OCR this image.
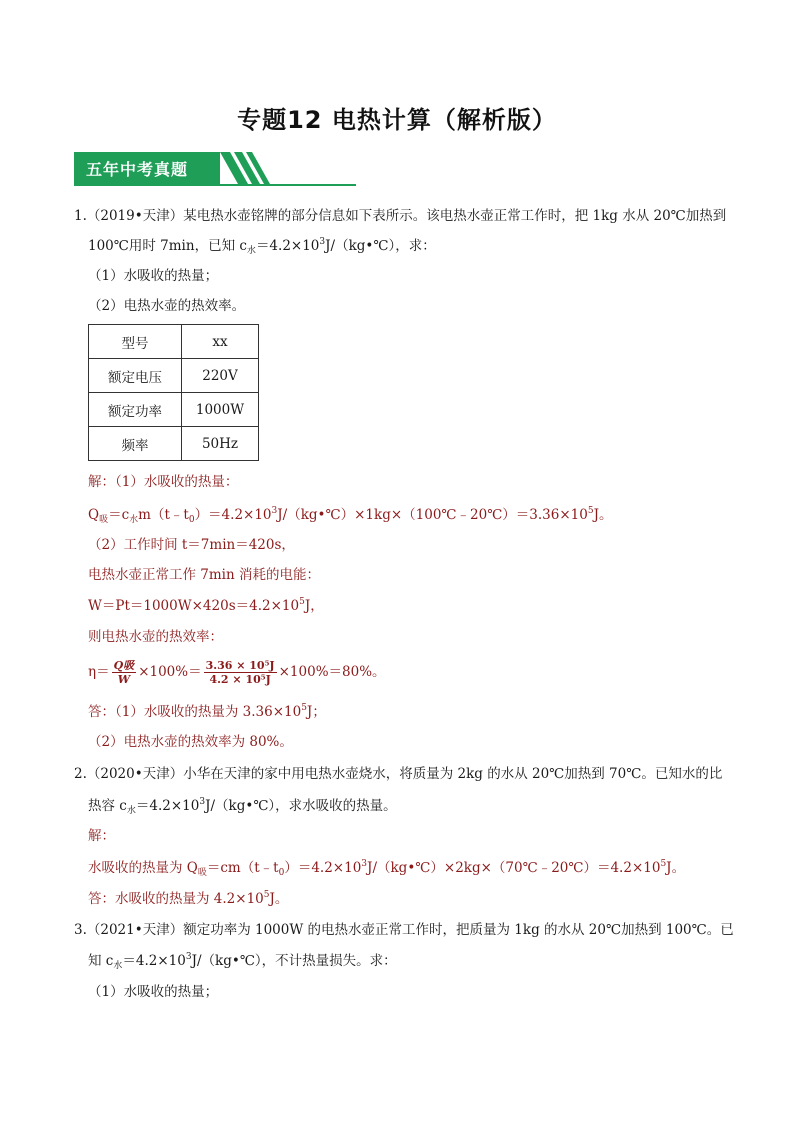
专题12 电热计算（解析版）
五年中考真题
1.（2019•天津）某电热水壶铭牌的部分信息如下表所示。该电热水壶正常工作时，把 1kg 水从 20℃加热到
100℃用时 7min，已知 $c_水=4.2\times 10^3J/(kg•℃)$，求：
（1）水吸收的热量；
（2）电热水壶的热效率。
型号	xx
额定电压	220V
额定功率	1000W
频率	50Hz
解：（1）水吸收的热量：
$Q_吸=c_水m(t﹣t_0)=4.2\times 10^3J/(kg•℃)\times 1kg\times(100℃﹣20℃)=3.36\times 10^5J$。
（2）工作时间 t＝7min＝420s，
电热水壶正常工作 7min 消耗的电能：
$W=Pt=1000W\times 420s=4.2\times 10^5J$，
则电热水壶的热效率：
$\eta= \frac{\text{Q吸}}{W} \times 100\%= \frac{\text{3.36 × 10⁵J}}{\text{4.2 × 10⁵J}} \times 100\%=80\%$。
答：（1）水吸收的热量为 $3.36\times 10^5J$；
（2）电热水壶的热效率为 80%。
2.（2020•天津）小华在天津的家中用电热水壶烧水，将质量为 2kg 的水从 20℃加热到 70℃。已知水的比
热容 $c_水=4.2\times 10^3J/(kg•℃)$，求水吸收的热量。
解：
水吸收的热量为 $Q_吸=cm(t﹣t_0)=4.2\times 10^3J/(kg•℃)\times 2kg\times(70℃﹣20℃)=4.2\times 10^5J$。
答：水吸收的热量为 $4.2\times 10^5J$。
3.（2021•天津）额定功率为 1000W 的电热水壶正常工作时，把质量为 1kg 的水从 20℃加热到 100℃。已
知 $c_水=4.2\times 10^3J/(kg•℃)$，不计热量损失。求：
（1）水吸收的热量；
